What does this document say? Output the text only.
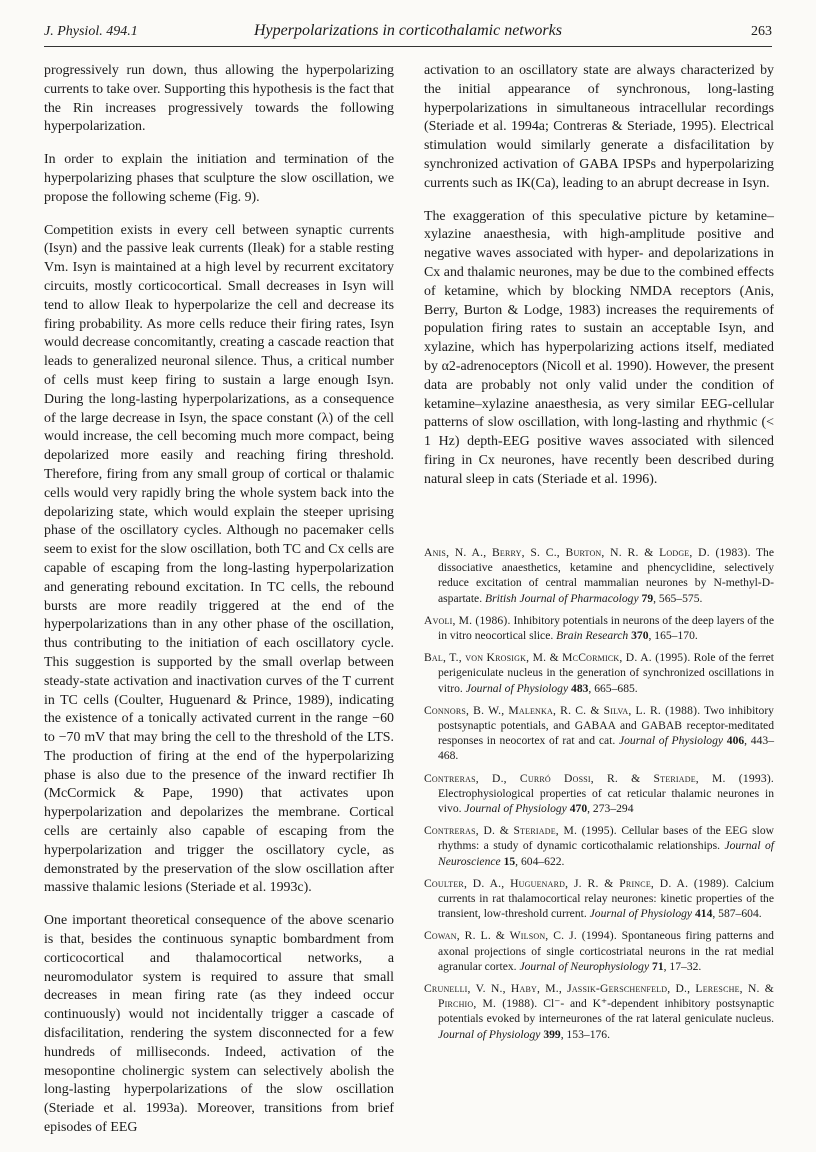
J. Physiol. 494.1	Hyperpolarizations in corticothalamic networks	263

progressively run down, thus allowing the hyperpolarizing currents to take over. Supporting this hypothesis is the fact that the Rin increases progressively towards the following hyperpolarization.

In order to explain the initiation and termination of the hyperpolarizing phases that sculpture the slow oscillation, we propose the following scheme (Fig. 9).

Competition exists in every cell between synaptic currents (Isyn) and the passive leak currents (Ileak) for a stable resting Vm. Isyn is maintained at a high level by recurrent excitatory circuits, mostly corticocortical. Small decreases in Isyn will tend to allow Ileak to hyperpolarize the cell and decrease its firing probability. As more cells reduce their firing rates, Isyn would decrease concomitantly, creating a cascade reaction that leads to generalized neuronal silence. Thus, a critical number of cells must keep firing to sustain a large enough Isyn. During the long-lasting hyperpolarizations, as a consequence of the large decrease in Isyn, the space constant (λ) of the cell would increase, the cell becoming much more compact, being depolarized more easily and reaching firing threshold. Therefore, firing from any small group of cortical or thalamic cells would very rapidly bring the whole system back into the depolarizing state, which would explain the steeper uprising phase of the oscillatory cycles. Although no pacemaker cells seem to exist for the slow oscillation, both TC and Cx cells are capable of escaping from the long-lasting hyperpolarization and generating rebound excitation. In TC cells, the rebound bursts are more readily triggered at the end of the hyperpolarizations than in any other phase of the oscillation, thus contributing to the initiation of each oscillatory cycle. This suggestion is supported by the small overlap between steady-state activation and inactivation curves of the T current in TC cells (Coulter, Huguenard & Prince, 1989), indicating the existence of a tonically activated current in the range −60 to −70 mV that may bring the cell to the threshold of the LTS. The production of firing at the end of the hyperpolarizing phase is also due to the presence of the inward rectifier Ih (McCormick & Pape, 1990) that activates upon hyperpolarization and depolarizes the membrane. Cortical cells are certainly also capable of escaping from the hyperpolarization and trigger the oscillatory cycle, as demonstrated by the preservation of the slow oscillation after massive thalamic lesions (Steriade et al. 1993c).

One important theoretical consequence of the above scenario is that, besides the continuous synaptic bombardment from corticocortical and thalamocortical networks, a neuromodulator system is required to assure that small decreases in mean firing rate (as they indeed occur continuously) would not incidentally trigger a cascade of disfacilitation, rendering the system disconnected for a few hundreds of milliseconds. Indeed, activation of the mesopontine cholinergic system can selectively abolish the long-lasting hyperpolarizations of the slow oscillation (Steriade et al. 1993a). Moreover, transitions from brief episodes of EEG

activation to an oscillatory state are always characterized by the initial appearance of synchronous, long-lasting hyperpolarizations in simultaneous intracellular recordings (Steriade et al. 1994a; Contreras & Steriade, 1995). Electrical stimulation would similarly generate a disfacilitation by synchronized activation of GABA IPSPs and hyperpolarizing currents such as IK(Ca), leading to an abrupt decrease in Isyn.

The exaggeration of this speculative picture by ketamine–xylazine anaesthesia, with high-amplitude positive and negative waves associated with hyper- and depolarizations in Cx and thalamic neurones, may be due to the combined effects of ketamine, which by blocking NMDA receptors (Anis, Berry, Burton & Lodge, 1983) increases the requirements of population firing rates to sustain an acceptable Isyn, and xylazine, which has hyperpolarizing actions itself, mediated by α2-adrenoceptors (Nicoll et al. 1990). However, the present data are probably not only valid under the condition of ketamine–xylazine anaesthesia, as very similar EEG-cellular patterns of slow oscillation, with long-lasting and rhythmic (< 1 Hz) depth-EEG positive waves associated with silenced firing in Cx neurones, have recently been described during natural sleep in cats (Steriade et al. 1996).

Anis, N. A., Berry, S. C., Burton, N. R. & Lodge, D. (1983). The dissociative anaesthetics, ketamine and phencyclidine, selectively reduce excitation of central mammalian neurones by N-methyl-D-aspartate. British Journal of Pharmacology 79, 565–575.
Avoli, M. (1986). Inhibitory potentials in neurons of the deep layers of the in vitro neocortical slice. Brain Research 370, 165–170.
Bal, T., von Krosigk, M. & McCormick, D. A. (1995). Role of the ferret perigeniculate nucleus in the generation of synchronized oscillations in vitro. Journal of Physiology 483, 665–685.
Connors, B. W., Malenka, R. C. & Silva, L. R. (1988). Two inhibitory postsynaptic potentials, and GABAA and GABAB receptor-meditated responses in neocortex of rat and cat. Journal of Physiology 406, 443–468.
Contreras, D., Curró Dossi, R. & Steriade, M. (1993). Electrophysiological properties of cat reticular thalamic neurones in vivo. Journal of Physiology 470, 273–294
Contreras, D. & Steriade, M. (1995). Cellular bases of the EEG slow rhythms: a study of dynamic corticothalamic relationships. Journal of Neuroscience 15, 604–622.
Coulter, D. A., Huguenard, J. R. & Prince, D. A. (1989). Calcium currents in rat thalamocortical relay neurones: kinetic properties of the transient, low-threshold current. Journal of Physiology 414, 587–604.
Cowan, R. L. & Wilson, C. J. (1994). Spontaneous firing patterns and axonal projections of single corticostriatal neurons in the rat medial agranular cortex. Journal of Neurophysiology 71, 17–32.
Crunelli, V. N., Haby, M., Jassik-Gerschenfeld, D., Leresche, N. & Pirchio, M. (1988). Cl⁻- and K⁺-dependent inhibitory postsynaptic potentials evoked by interneurones of the rat lateral geniculate nucleus. Journal of Physiology 399, 153–176.
